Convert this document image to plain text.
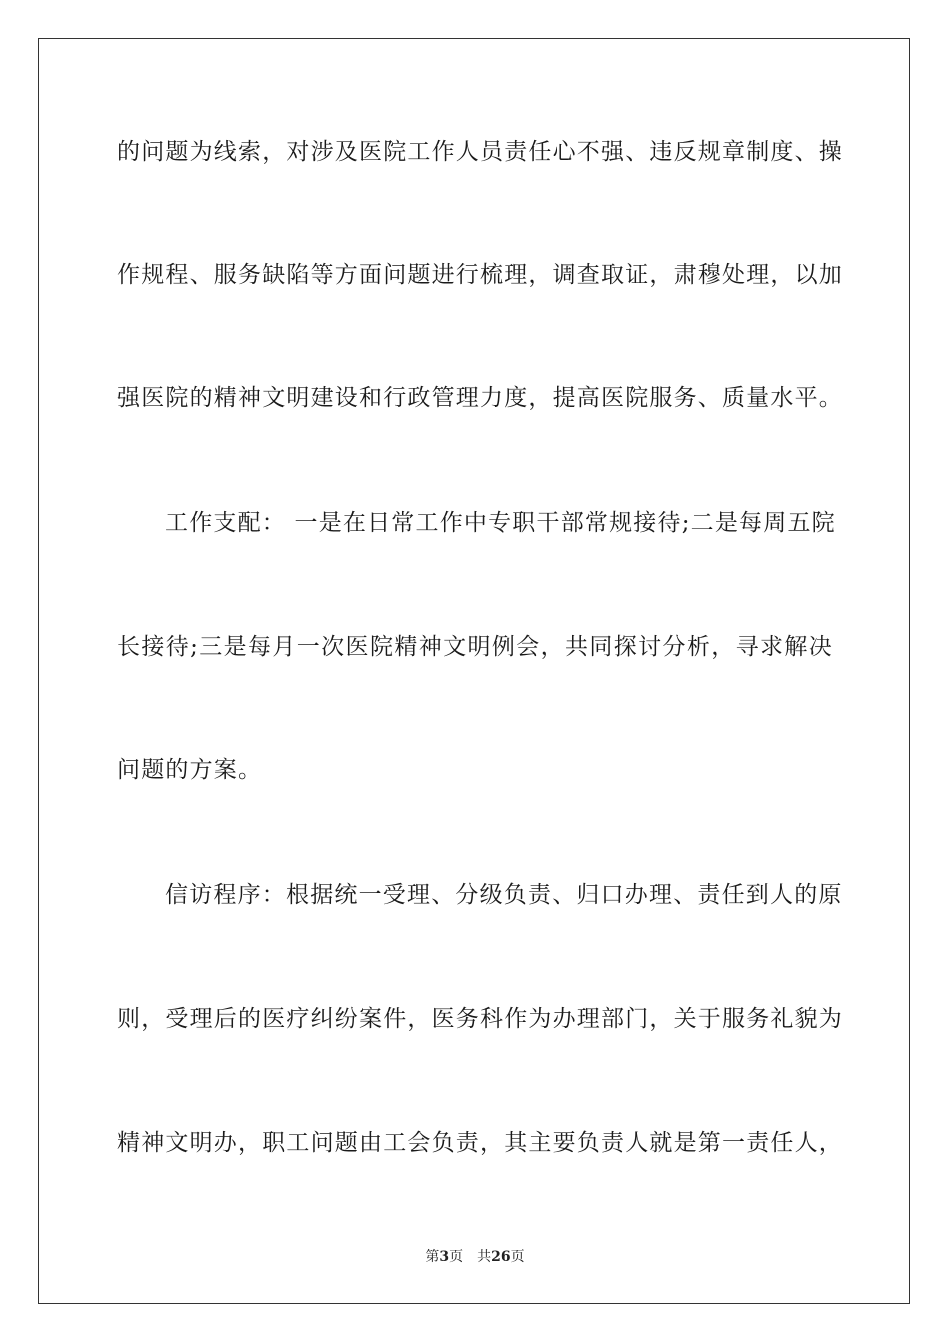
的问题为线索，对涉及医院工作人员责任心不强、违反规章制度、操
作规程、服务缺陷等方面问题进行梳理，调查取证，肃穆处理，以加
强医院的精神文明建设和行政管理力度，提高医院服务、质量水平。
工作支配： 一是在日常工作中专职干部常规接待;二是每周五院
长接待;三是每月一次医院精神文明例会，共同探讨分析，寻求解决
问题的方案。
信访程序：根据统一受理、分级负责、归口办理、责任到人的原
则，受理后的医疗纠纷案件，医务科作为办理部门，关于服务礼貌为
精神文明办，职工问题由工会负责，其主要负责人就是第一责任人，
第3页 共26页
